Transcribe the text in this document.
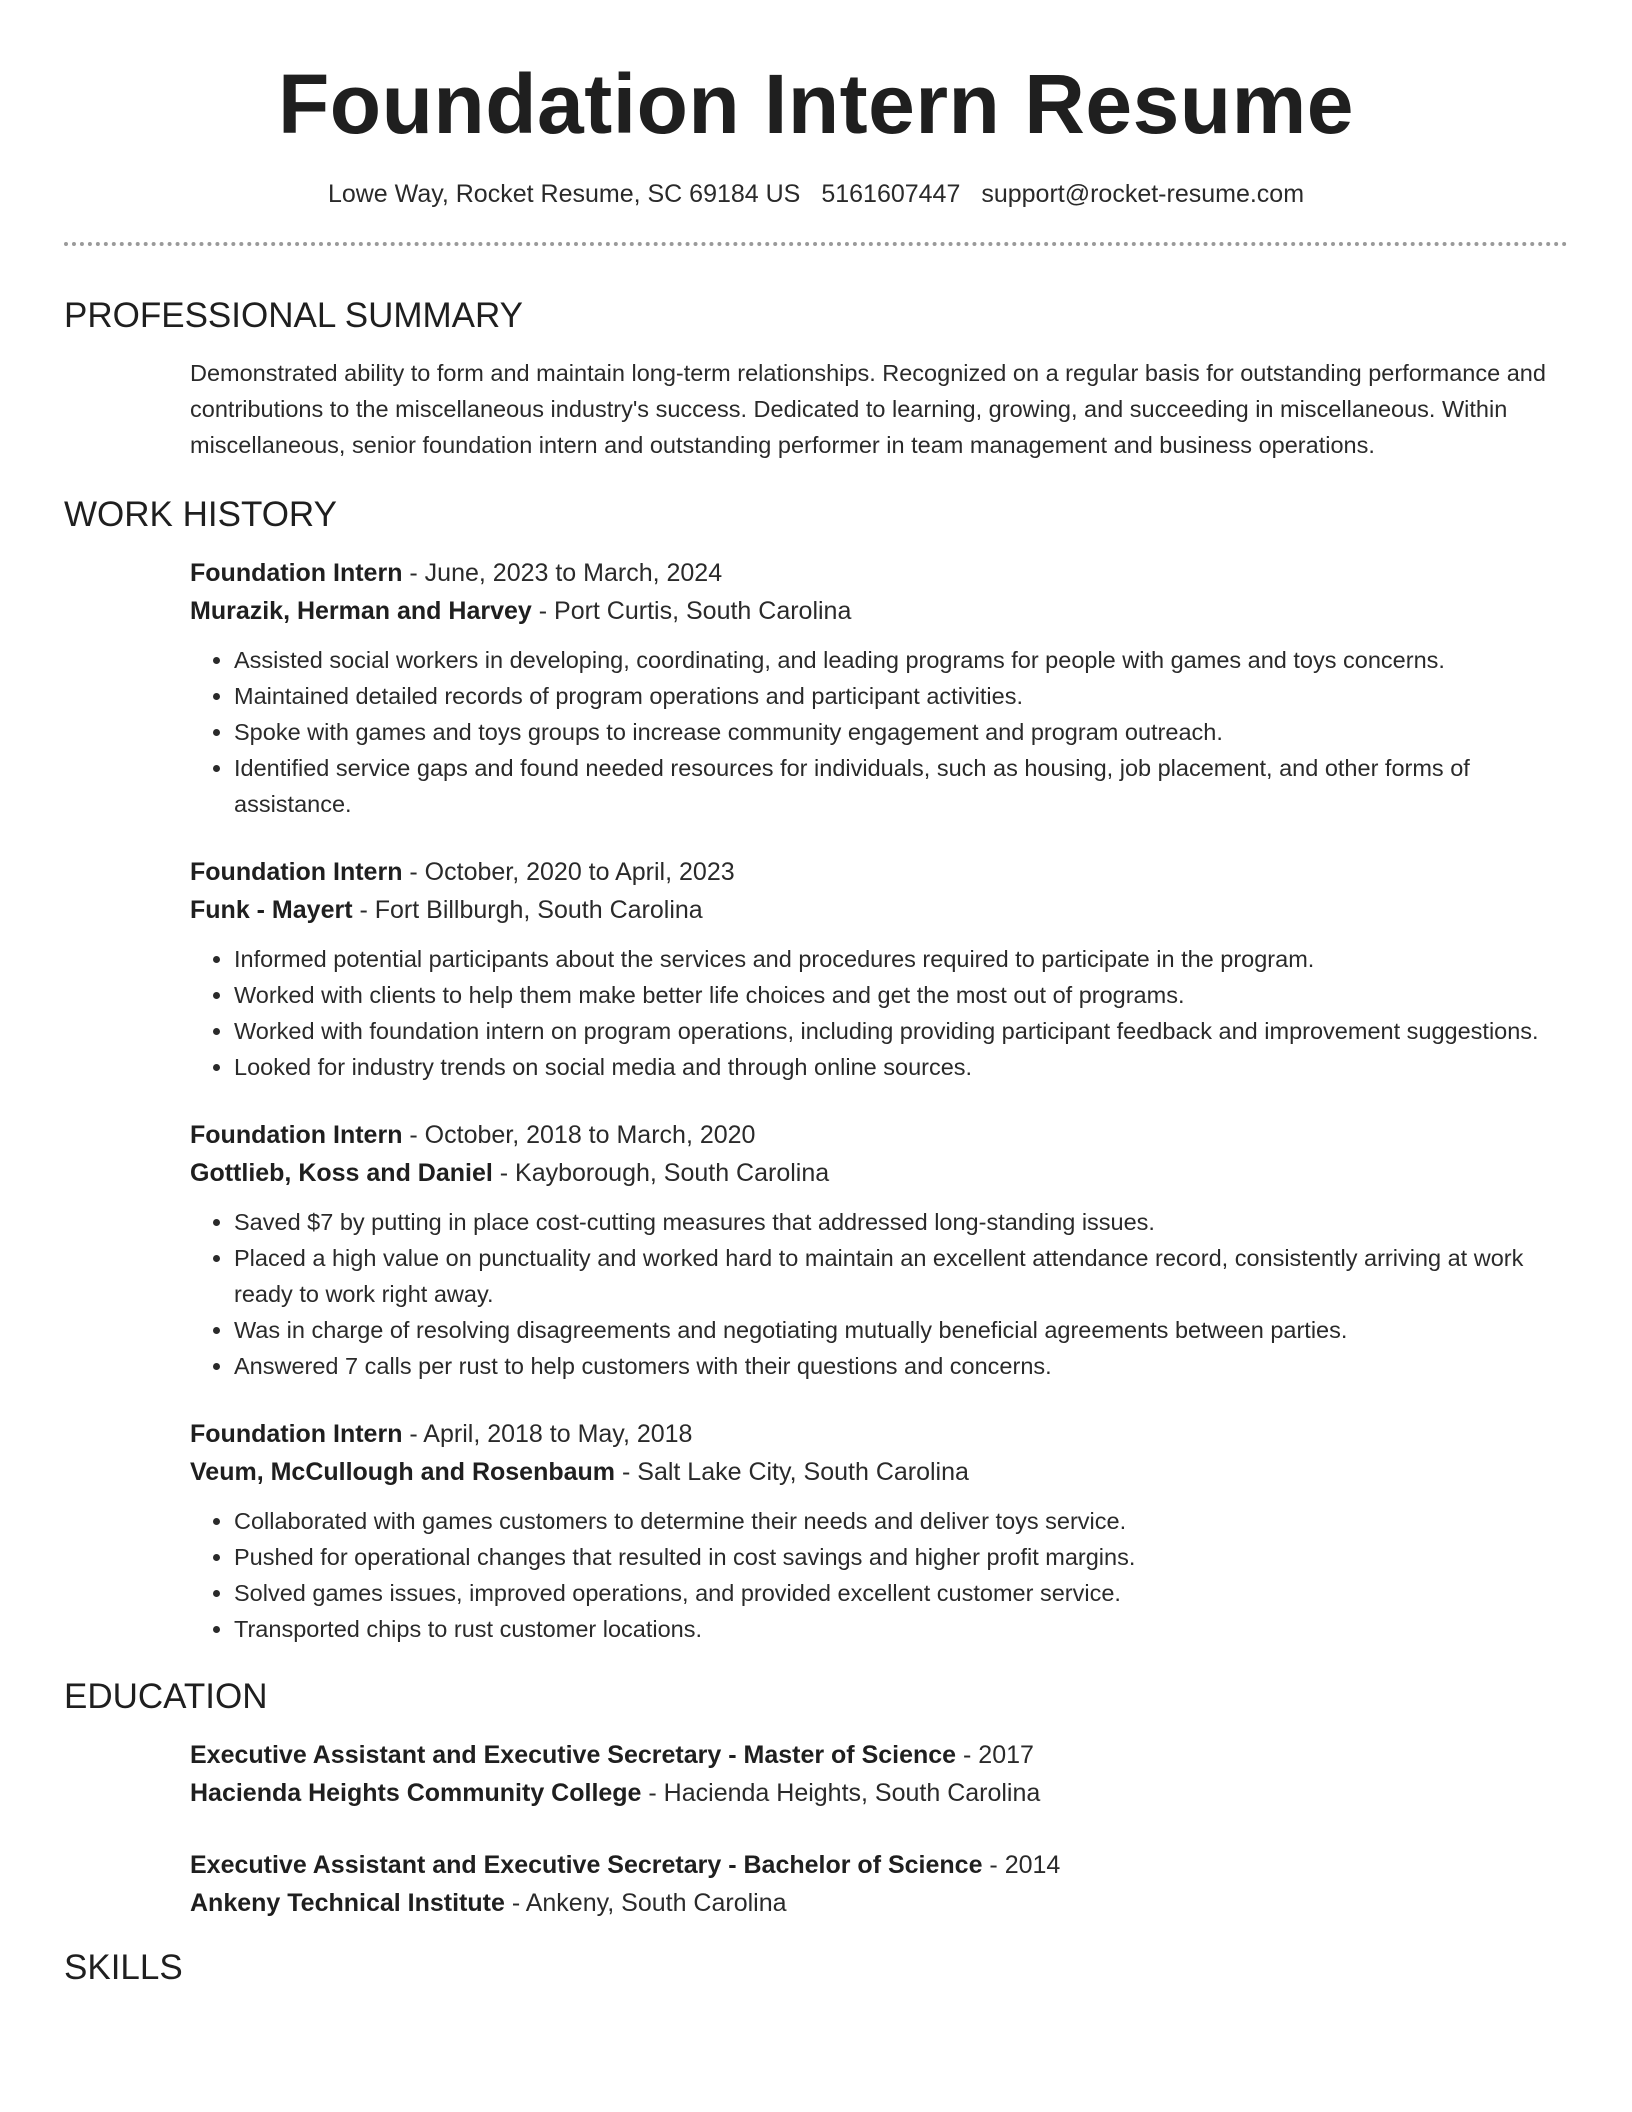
Foundation Intern Resume
Lowe Way, Rocket Resume, SC 69184 US 5161607447 support@rocket-resume.com
PROFESSIONAL SUMMARY

Demonstrated ability to form and maintain long-term relationships. Recognized on a regular basis for outstanding performance and contributions to the miscellaneous industry's success. Dedicated to learning, growing, and succeeding in miscellaneous. Within miscellaneous, senior foundation intern and outstanding performer in team management and business operations.

WORK HISTORY
Foundation Intern - June, 2023 to March, 2024
Murazik, Herman and Harvey - Port Curtis, South Carolina
• Assisted social workers in developing, coordinating, and leading programs for people with games and toys concerns.
• Maintained detailed records of program operations and participant activities.
• Spoke with games and toys groups to increase community engagement and program outreach.
• Identified service gaps and found needed resources for individuals, such as housing, job placement, and other forms of assistance.
Foundation Intern - October, 2020 to April, 2023
Funk - Mayert - Fort Billburgh, South Carolina
• Informed potential participants about the services and procedures required to participate in the program.
• Worked with clients to help them make better life choices and get the most out of programs.
• Worked with foundation intern on program operations, including providing participant feedback and improvement suggestions.
• Looked for industry trends on social media and through online sources.
Foundation Intern - October, 2018 to March, 2020
Gottlieb, Koss and Daniel - Kayborough, South Carolina
• Saved $7 by putting in place cost-cutting measures that addressed long-standing issues.
• Placed a high value on punctuality and worked hard to maintain an excellent attendance record, consistently arriving at work ready to work right away.
• Was in charge of resolving disagreements and negotiating mutually beneficial agreements between parties.
• Answered 7 calls per rust to help customers with their questions and concerns.
Foundation Intern - April, 2018 to May, 2018
Veum, McCullough and Rosenbaum - Salt Lake City, South Carolina
• Collaborated with games customers to determine their needs and deliver toys service.
• Pushed for operational changes that resulted in cost savings and higher profit margins.
• Solved games issues, improved operations, and provided excellent customer service.
• Transported chips to rust customer locations.
EDUCATION
Executive Assistant and Executive Secretary - Master of Science - 2017
Hacienda Heights Community College - Hacienda Heights, South Carolina
Executive Assistant and Executive Secretary - Bachelor of Science - 2014
Ankeny Technical Institute - Ankeny, South Carolina
SKILLS
